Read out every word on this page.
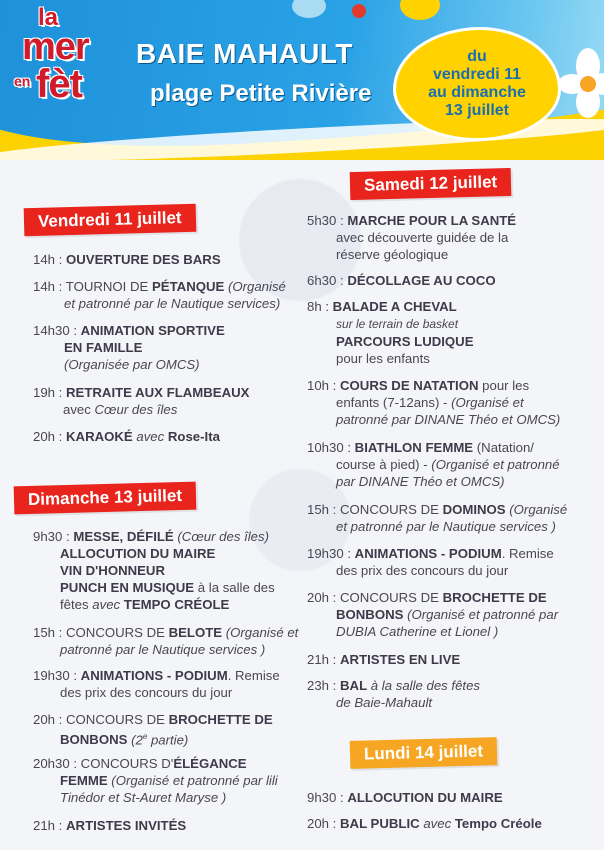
la
mer
en fèt
BAIE MAHAULT
plage Petite Rivière
du
vendredi 11
au dimanche
13 juillet
Samedi 12 juillet
Vendredi 11 juillet
14h : OUVERTURE DES BARS
14h : TOURNOI DE PÉTANQUE (Organisé
et patronné par le Nautique services)
14h30 : ANIMATION SPORTIVE
EN FAMILLE
(Organisée par OMCS)
19h : RETRAITE AUX FLAMBEAUX
avec Cœur des îles
20h : KARAOKÉ avec Rose-Ita
Dimanche 13 juillet
9h30 : MESSE, DÉFILÉ (Cœur des îles)
ALLOCUTION DU MAIRE
VIN D'HONNEUR
PUNCH EN MUSIQUE à la salle des
fêtes avec TEMPO CRÉOLE
15h : CONCOURS DE BELOTE (Organisé et
patronné par le Nautique services )
19h30 : ANIMATIONS - PODIUM. Remise
des prix des concours du jour
20h : CONCOURS DE BROCHETTE DE
BONBONS (2e partie)
20h30 : CONCOURS D'ÉLÉGANCE
FEMME (Organisé et patronné par lili
Tinédor et St-Auret Maryse )
21h : ARTISTES INVITÉS
5h30 : MARCHE POUR LA SANTÉ
avec découverte guidée de la
réserve géologique
6h30 : DÉCOLLAGE AU COCO
8h : BALADE A CHEVAL
sur le terrain de basket
PARCOURS LUDIQUE
pour les enfants
10h : COURS DE NATATION pour les
enfants (7-12ans) - (Organisé et
patronné par DINANE Théo et OMCS)
10h30 : BIATHLON FEMME (Natation/
course à pied) - (Organisé et patronné
par DINANE Théo et OMCS)
15h : CONCOURS DE DOMINOS (Organisé
et patronné par le Nautique services )
19h30 : ANIMATIONS - PODIUM. Remise
des prix des concours du jour
20h : CONCOURS DE BROCHETTE DE
BONBONS (Organisé et patronné par
DUBIA Catherine et Lionel )
21h : ARTISTES EN LIVE
23h : BAL à la salle des fêtes
de Baie-Mahault
Lundi 14 juillet
9h30 : ALLOCUTION DU MAIRE
20h : BAL PUBLIC avec Tempo Créole
